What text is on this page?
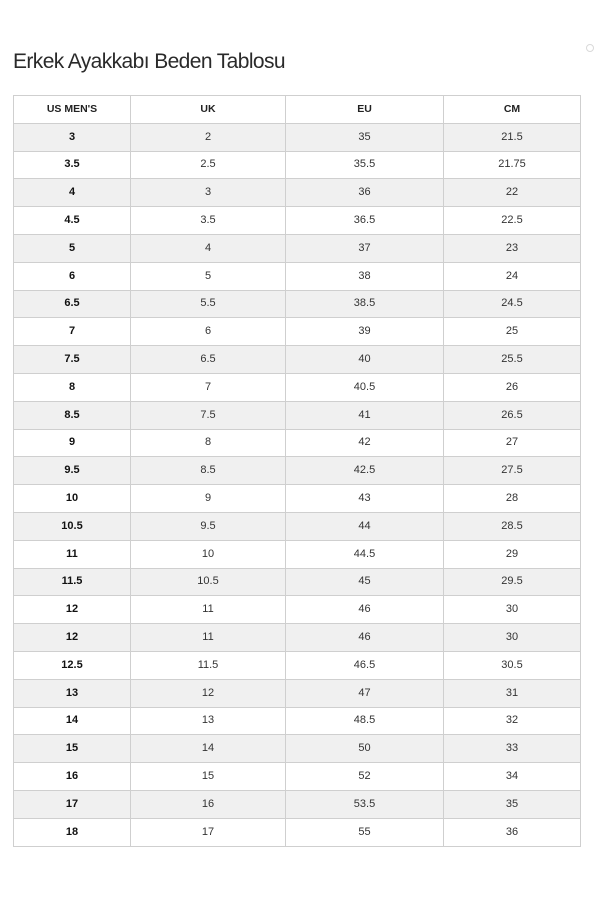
Erkek Ayakkabı Beden Tablosu
US MEN'S	UK	EU	CM
3	2	35	21.5
3.5	2.5	35.5	21.75
4	3	36	22
4.5	3.5	36.5	22.5
5	4	37	23
6	5	38	24
6.5	5.5	38.5	24.5
7	6	39	25
7.5	6.5	40	25.5
8	7	40.5	26
8.5	7.5	41	26.5
9	8	42	27
9.5	8.5	42.5	27.5
10	9	43	28
10.5	9.5	44	28.5
11	10	44.5	29
11.5	10.5	45	29.5
12	11	46	30
12	11	46	30
12.5	11.5	46.5	30.5
13	12	47	31
14	13	48.5	32
15	14	50	33
16	15	52	34
17	16	53.5	35
18	17	55	36
